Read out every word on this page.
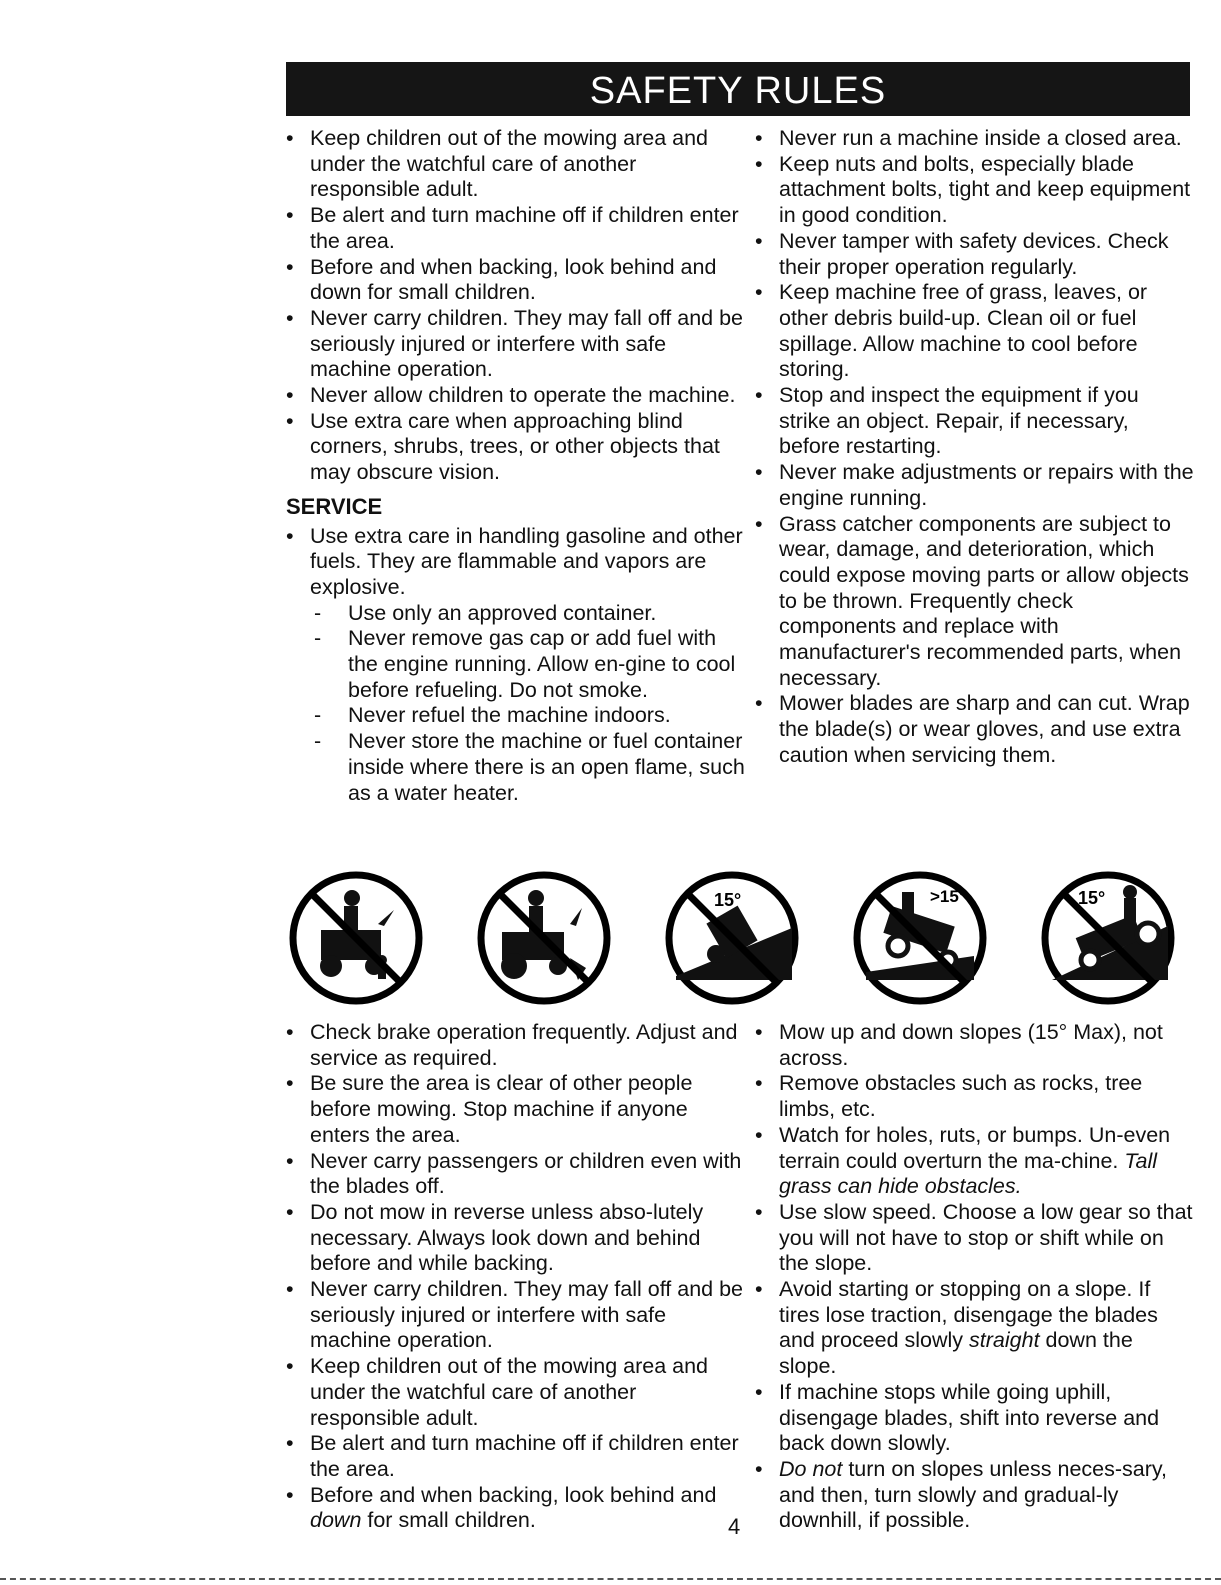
SAFETY RULES
• Keep children out of the mowing area and under the watchful care of another responsible adult.
• Be alert and turn machine off if children enter the area.
• Before and when backing, look behind and down for small children.
• Never carry children. They may fall off and be seriously injured or interfere with safe machine operation.
• Never allow children to operate the machine.
• Use extra care when approaching blind corners, shrubs, trees, or other objects that may obscure vision.
SERVICE
• Use extra care in handling gasoline and other fuels. They are flammable and vapors are explosive.
- Use only an approved container.
- Never remove gas cap or add fuel with the engine running. Allow en-gine to cool before refueling. Do not smoke.
- Never refuel the machine indoors.
- Never store the machine or fuel container inside where there is an open flame, such as a water heater.
• Never run a machine inside a closed area.
• Keep nuts and bolts, especially blade attachment bolts, tight and keep equipment in good condition.
• Never tamper with safety devices. Check their proper operation regularly.
• Keep machine free of grass, leaves, or other debris build-up. Clean oil or fuel spillage. Allow machine to cool before storing.
• Stop and inspect the equipment if you strike an object. Repair, if necessary, before restarting.
• Never make adjustments or repairs with the engine running.
• Grass catcher components are subject to wear, damage, and deterioration, which could expose moving parts or allow objects to be thrown. Frequently check components and replace with manufacturer's recommended parts, when necessary.
• Mower blades are sharp and can cut. Wrap the blade(s) or wear gloves, and use extra caution when servicing them.
15°	>15°	15°
• Check brake operation frequently. Adjust and service as required.
• Be sure the area is clear of other people before mowing. Stop machine if anyone enters the area.
• Never carry passengers or children even with the blades off.
• Do not mow in reverse unless abso-lutely necessary. Always look down and behind before and while backing.
• Never carry children. They may fall off and be seriously injured or interfere with safe machine operation.
• Keep children out of the mowing area and under the watchful care of another responsible adult.
• Be alert and turn machine off if children enter the area.
• Before and when backing, look behind and down for small children.
• Mow up and down slopes (15° Max), not across.
• Remove obstacles such as rocks, tree limbs, etc.
• Watch for holes, ruts, or bumps. Un-even terrain could overturn the ma-chine. Tall grass can hide obstacles.
• Use slow speed. Choose a low gear so that you will not have to stop or shift while on the slope.
• Avoid starting or stopping on a slope. If tires lose traction, disengage the blades and proceed slowly straight down the slope.
• If machine stops while going uphill, disengage blades, shift into reverse and back down slowly.
• Do not turn on slopes unless neces-sary, and then, turn slowly and gradual-ly downhill, if possible.
4
